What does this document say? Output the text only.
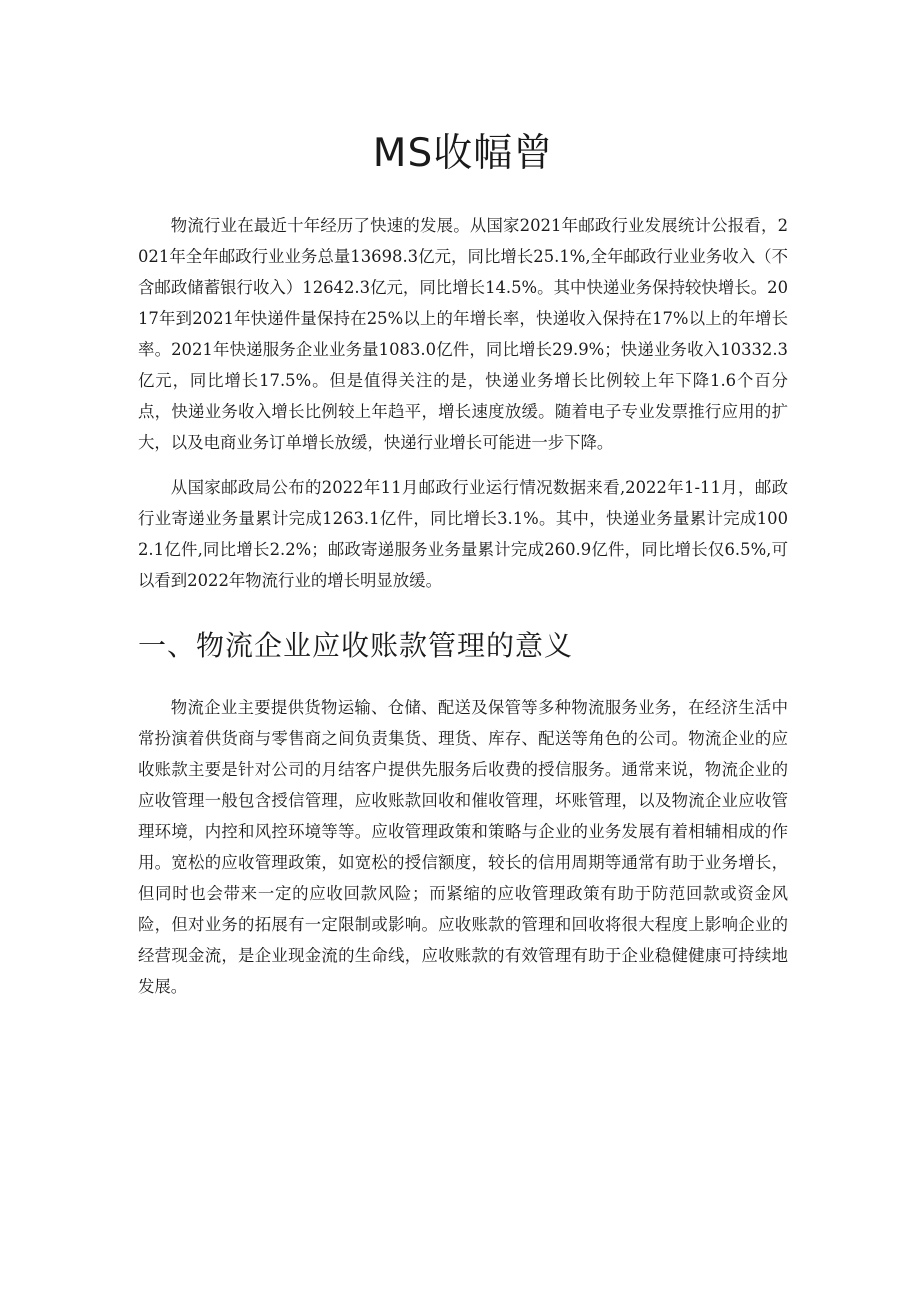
MS收幅曾

物流行业在最近十年经历了快速的发展。从国家2021年邮政行业发展统计公报看，2021年全年邮政行业业务总量13698.3亿元，同比增长25.1%,全年邮政行业业务收入（不含邮政储蓄银行收入）12642.3亿元，同比增长14.5%。其中快递业务保持较快增长。2017年到2021年快递件量保持在25%以上的年增长率，快递收入保持在17%以上的年增长率。2021年快递服务企业业务量1083.0亿件，同比增长29.9%；快递业务收入10332.3亿元，同比增长17.5%。但是值得关注的是，快递业务增长比例较上年下降1.6个百分点，快递业务收入增长比例较上年趋平，增长速度放缓。随着电子专业发票推行应用的扩大，以及电商业务订单增长放缓，快递行业增长可能进一步下降。

从国家邮政局公布的2022年11月邮政行业运行情况数据来看,2022年1-11月，邮政行业寄递业务量累计完成1263.1亿件，同比增长3.1%。其中，快递业务量累计完成1002.1亿件,同比增长2.2%；邮政寄递服务业务量累计完成260.9亿件，同比增长仅6.5%,可以看到2022年物流行业的增长明显放缓。

一、物流企业应收账款管理的意义

物流企业主要提供货物运输、仓储、配送及保管等多种物流服务业务，在经济生活中常扮演着供货商与零售商之间负责集货、理货、库存、配送等角色的公司。物流企业的应收账款主要是针对公司的月结客户提供先服务后收费的授信服务。通常来说，物流企业的应收管理一般包含授信管理，应收账款回收和催收管理，坏账管理，以及物流企业应收管理环境，内控和风控环境等等。应收管理政策和策略与企业的业务发展有着相辅相成的作用。宽松的应收管理政策，如宽松的授信额度，较长的信用周期等通常有助于业务增长，但同时也会带来一定的应收回款风险；而紧缩的应收管理政策有助于防范回款或资金风险，但对业务的拓展有一定限制或影响。应收账款的管理和回收将很大程度上影响企业的经营现金流，是企业现金流的生命线，应收账款的有效管理有助于企业稳健健康可持续地发展。
